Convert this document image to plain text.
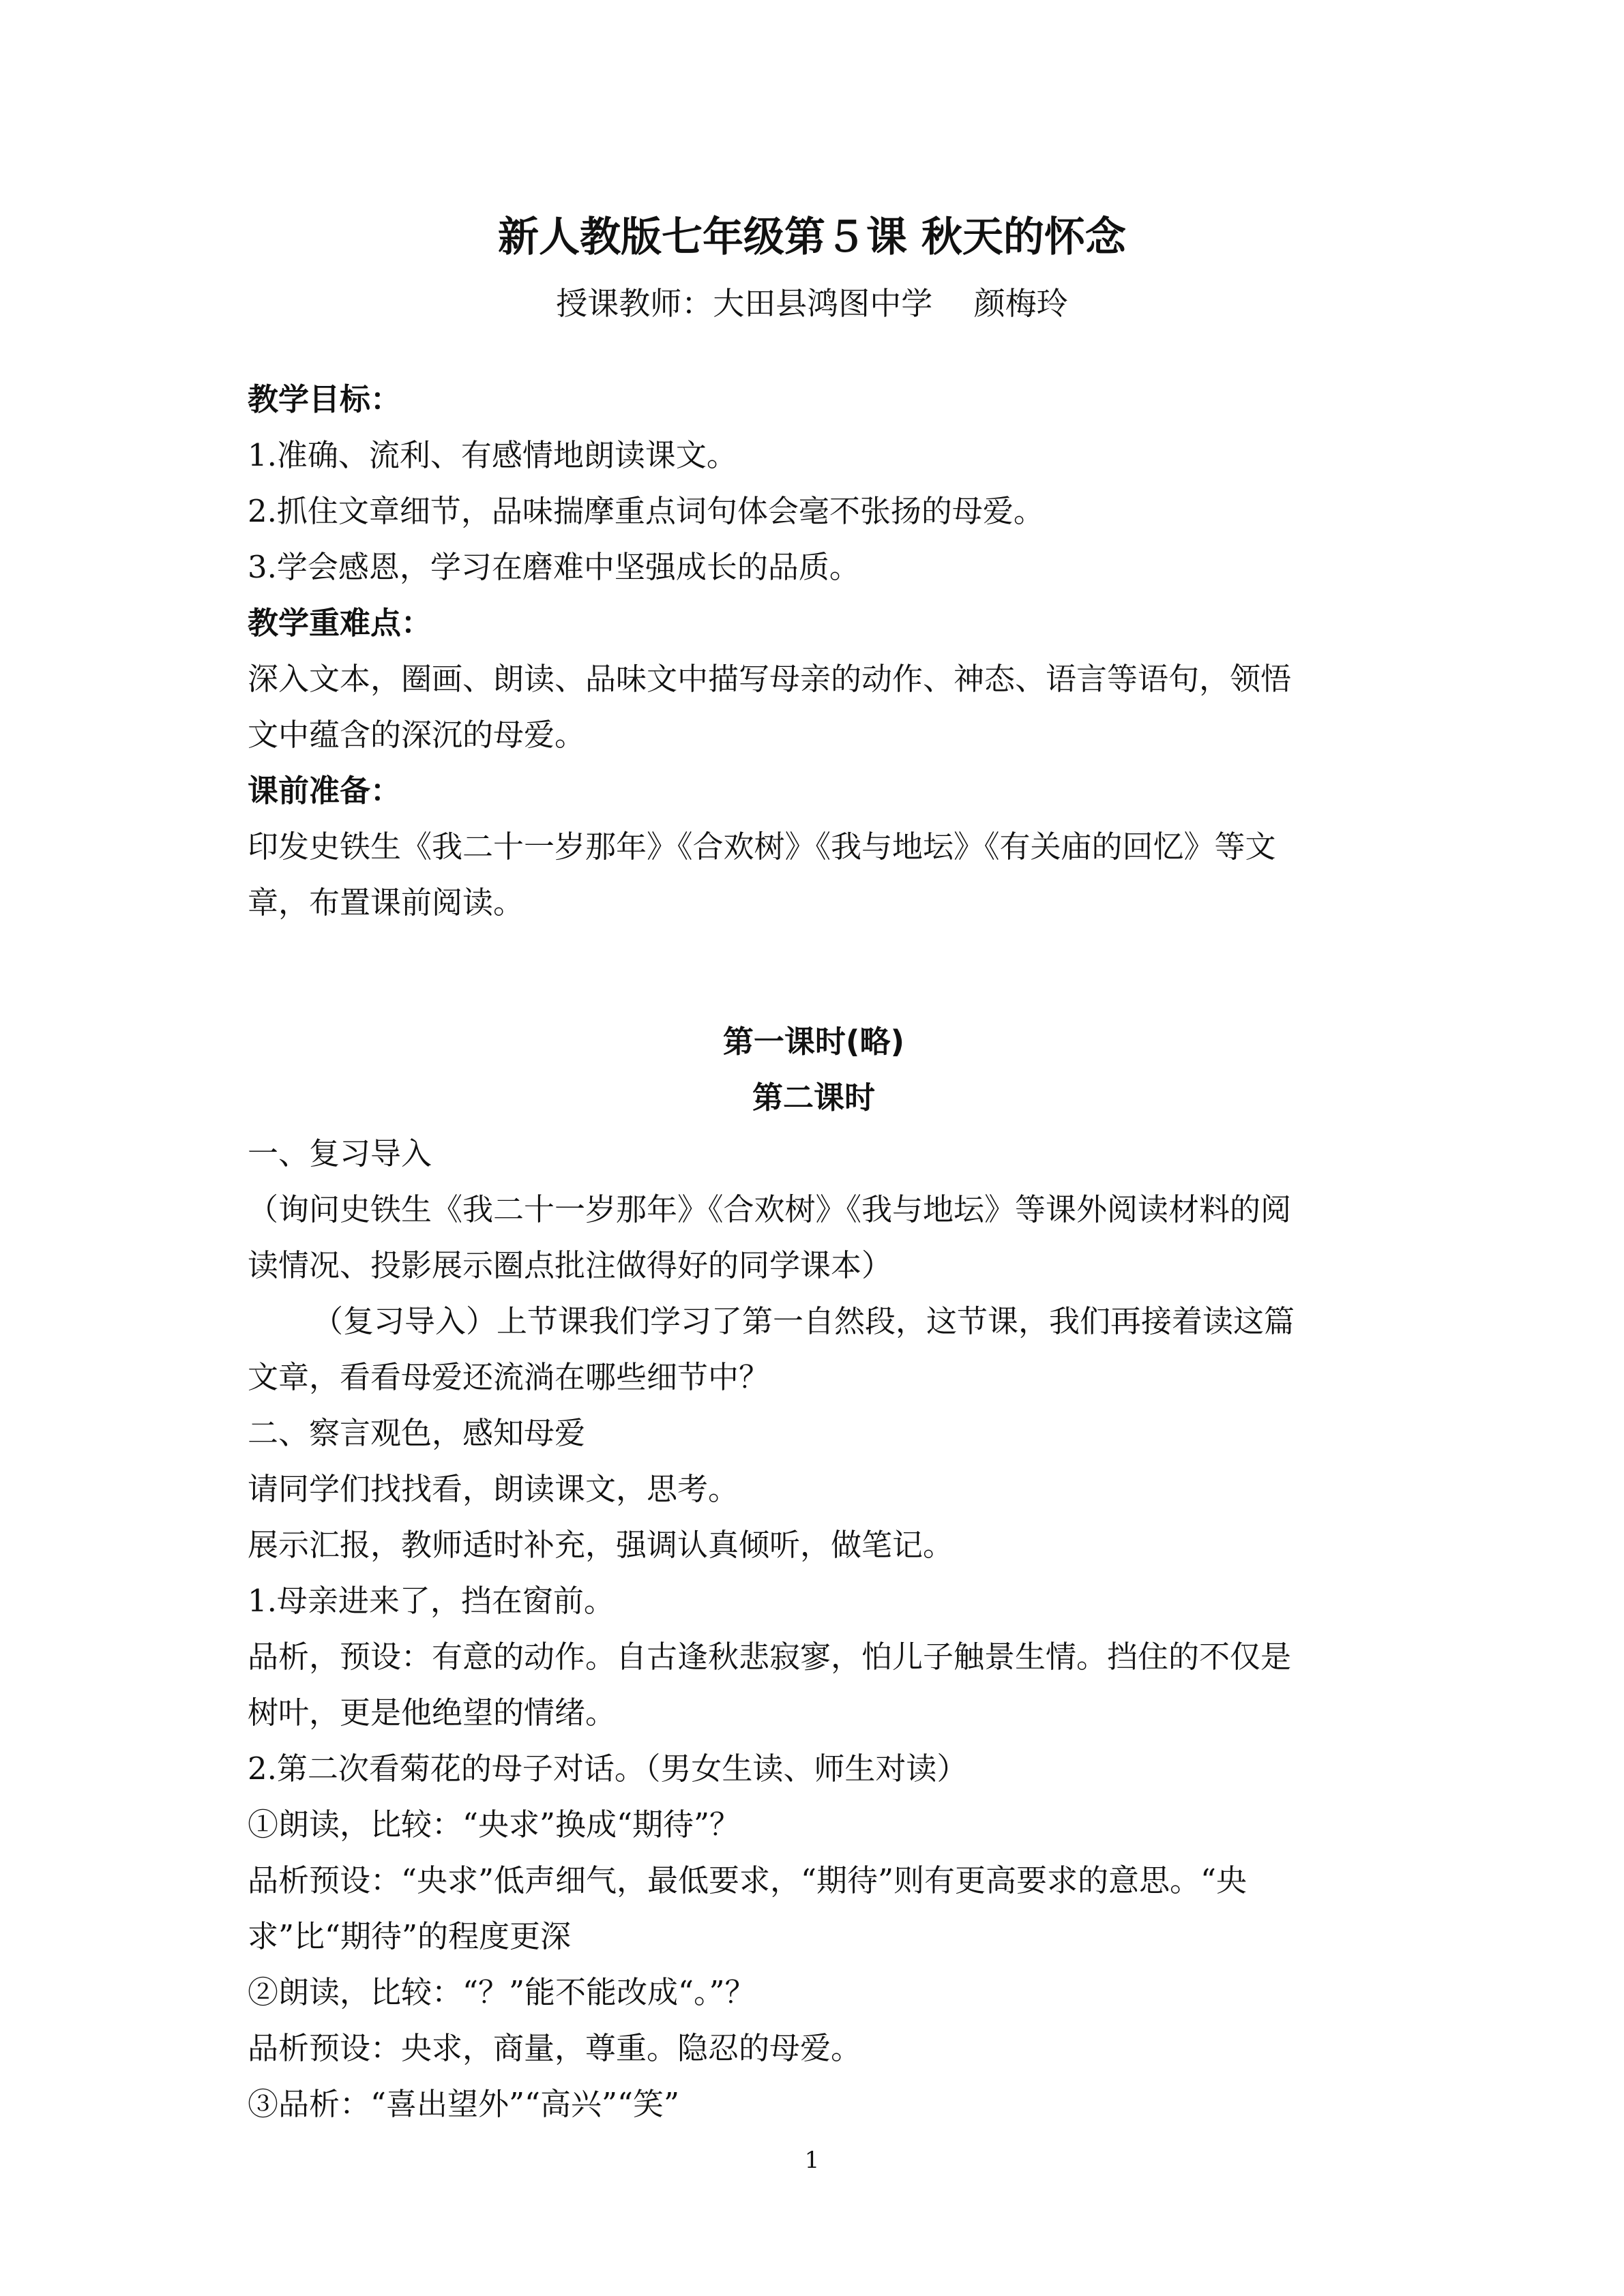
新人教版七年级第５课 秋天的怀念
授课教师：大田县鸿图中学　 颜梅玲
教学目标：
1.准确、流利、有感情地朗读课文。
2.抓住文章细节，品味揣摩重点词句体会毫不张扬的母爱。
3.学会感恩，学习在磨难中坚强成长的品质。
教学重难点：
深入文本，圈画、朗读、品味文中描写母亲的动作、神态、语言等语句，领悟
文中蕴含的深沉的母爱。
课前准备：
印发史铁生《我二十一岁那年》《合欢树》《我与地坛》《有关庙的回忆》等文
章，布置课前阅读。
第一课时(略)
第二课时
一、复习导入
（询问史铁生《我二十一岁那年》《合欢树》《我与地坛》等课外阅读材料的阅
读情况、投影展示圈点批注做得好的同学课本）
（复习导入）上节课我们学习了第一自然段，这节课，我们再接着读这篇
文章，看看母爱还流淌在哪些细节中？
二、察言观色，感知母爱
请同学们找找看，朗读课文，思考。
展示汇报，教师适时补充，强调认真倾听，做笔记。
1.母亲进来了，挡在窗前。
品析，预设：有意的动作。自古逢秋悲寂寥，怕儿子触景生情。挡住的不仅是
树叶，更是他绝望的情绪。
2.第二次看菊花的母子对话。（男女生读、师生对读）
①朗读，比较：“央求”换成“期待”？
品析预设：“央求”低声细气，最低要求，“期待”则有更高要求的意思。“央
求”比“期待”的程度更深
②朗读，比较：“？”能不能改成“。”？
品析预设：央求，商量，尊重。隐忍的母爱。
③品析：“喜出望外”“高兴”“笑”
1
